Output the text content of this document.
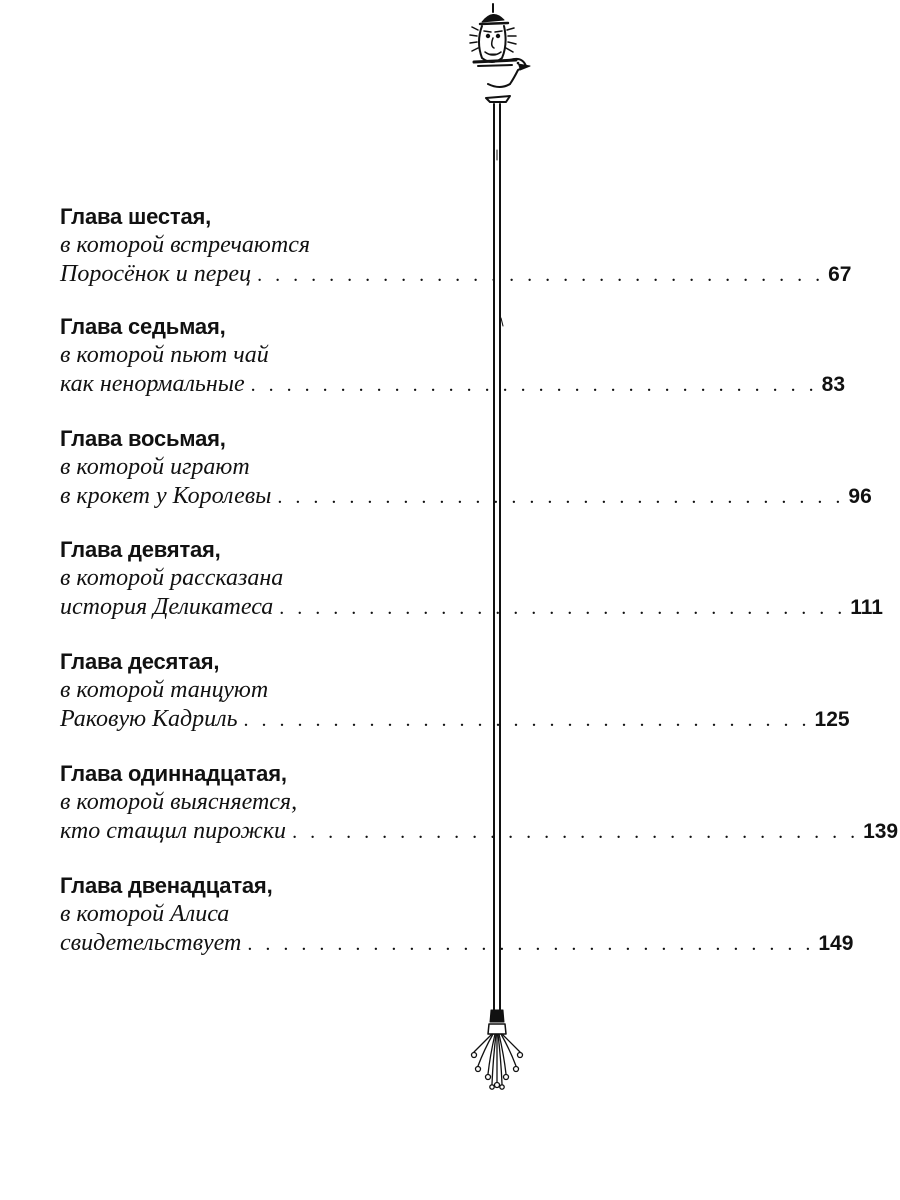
Глава шестая,
в которой встречаются
Поросёнок и перец . . . . . . . . . . . . . . . . . . . . . . . . . . . . . . . . 67
Глава седьмая,
в которой пьют чай
как ненормальные . . . . . . . . . . . . . . . . . . . . . . . . . . . . . . . . 83
Глава восьмая,
в которой играют
в крокет у Королевы . . . . . . . . . . . . . . . . . . . . . . . . . . . . . . . . 96
Глава девятая,
в которой рассказана
история Деликатеса . . . . . . . . . . . . . . . . . . . . . . . . . . . . . . . . 111
Глава десятая,
в которой танцуют
Раковую Кадриль . . . . . . . . . . . . . . . . . . . . . . . . . . . . . . . . 125
Глава одиннадцатая,
в которой выясняется,
кто стащил пирожки . . . . . . . . . . . . . . . . . . . . . . . . . . . . . . . . 139
Глава двенадцатая,
в которой Алиса
свидетельствует . . . . . . . . . . . . . . . . . . . . . . . . . . . . . . . . 149
